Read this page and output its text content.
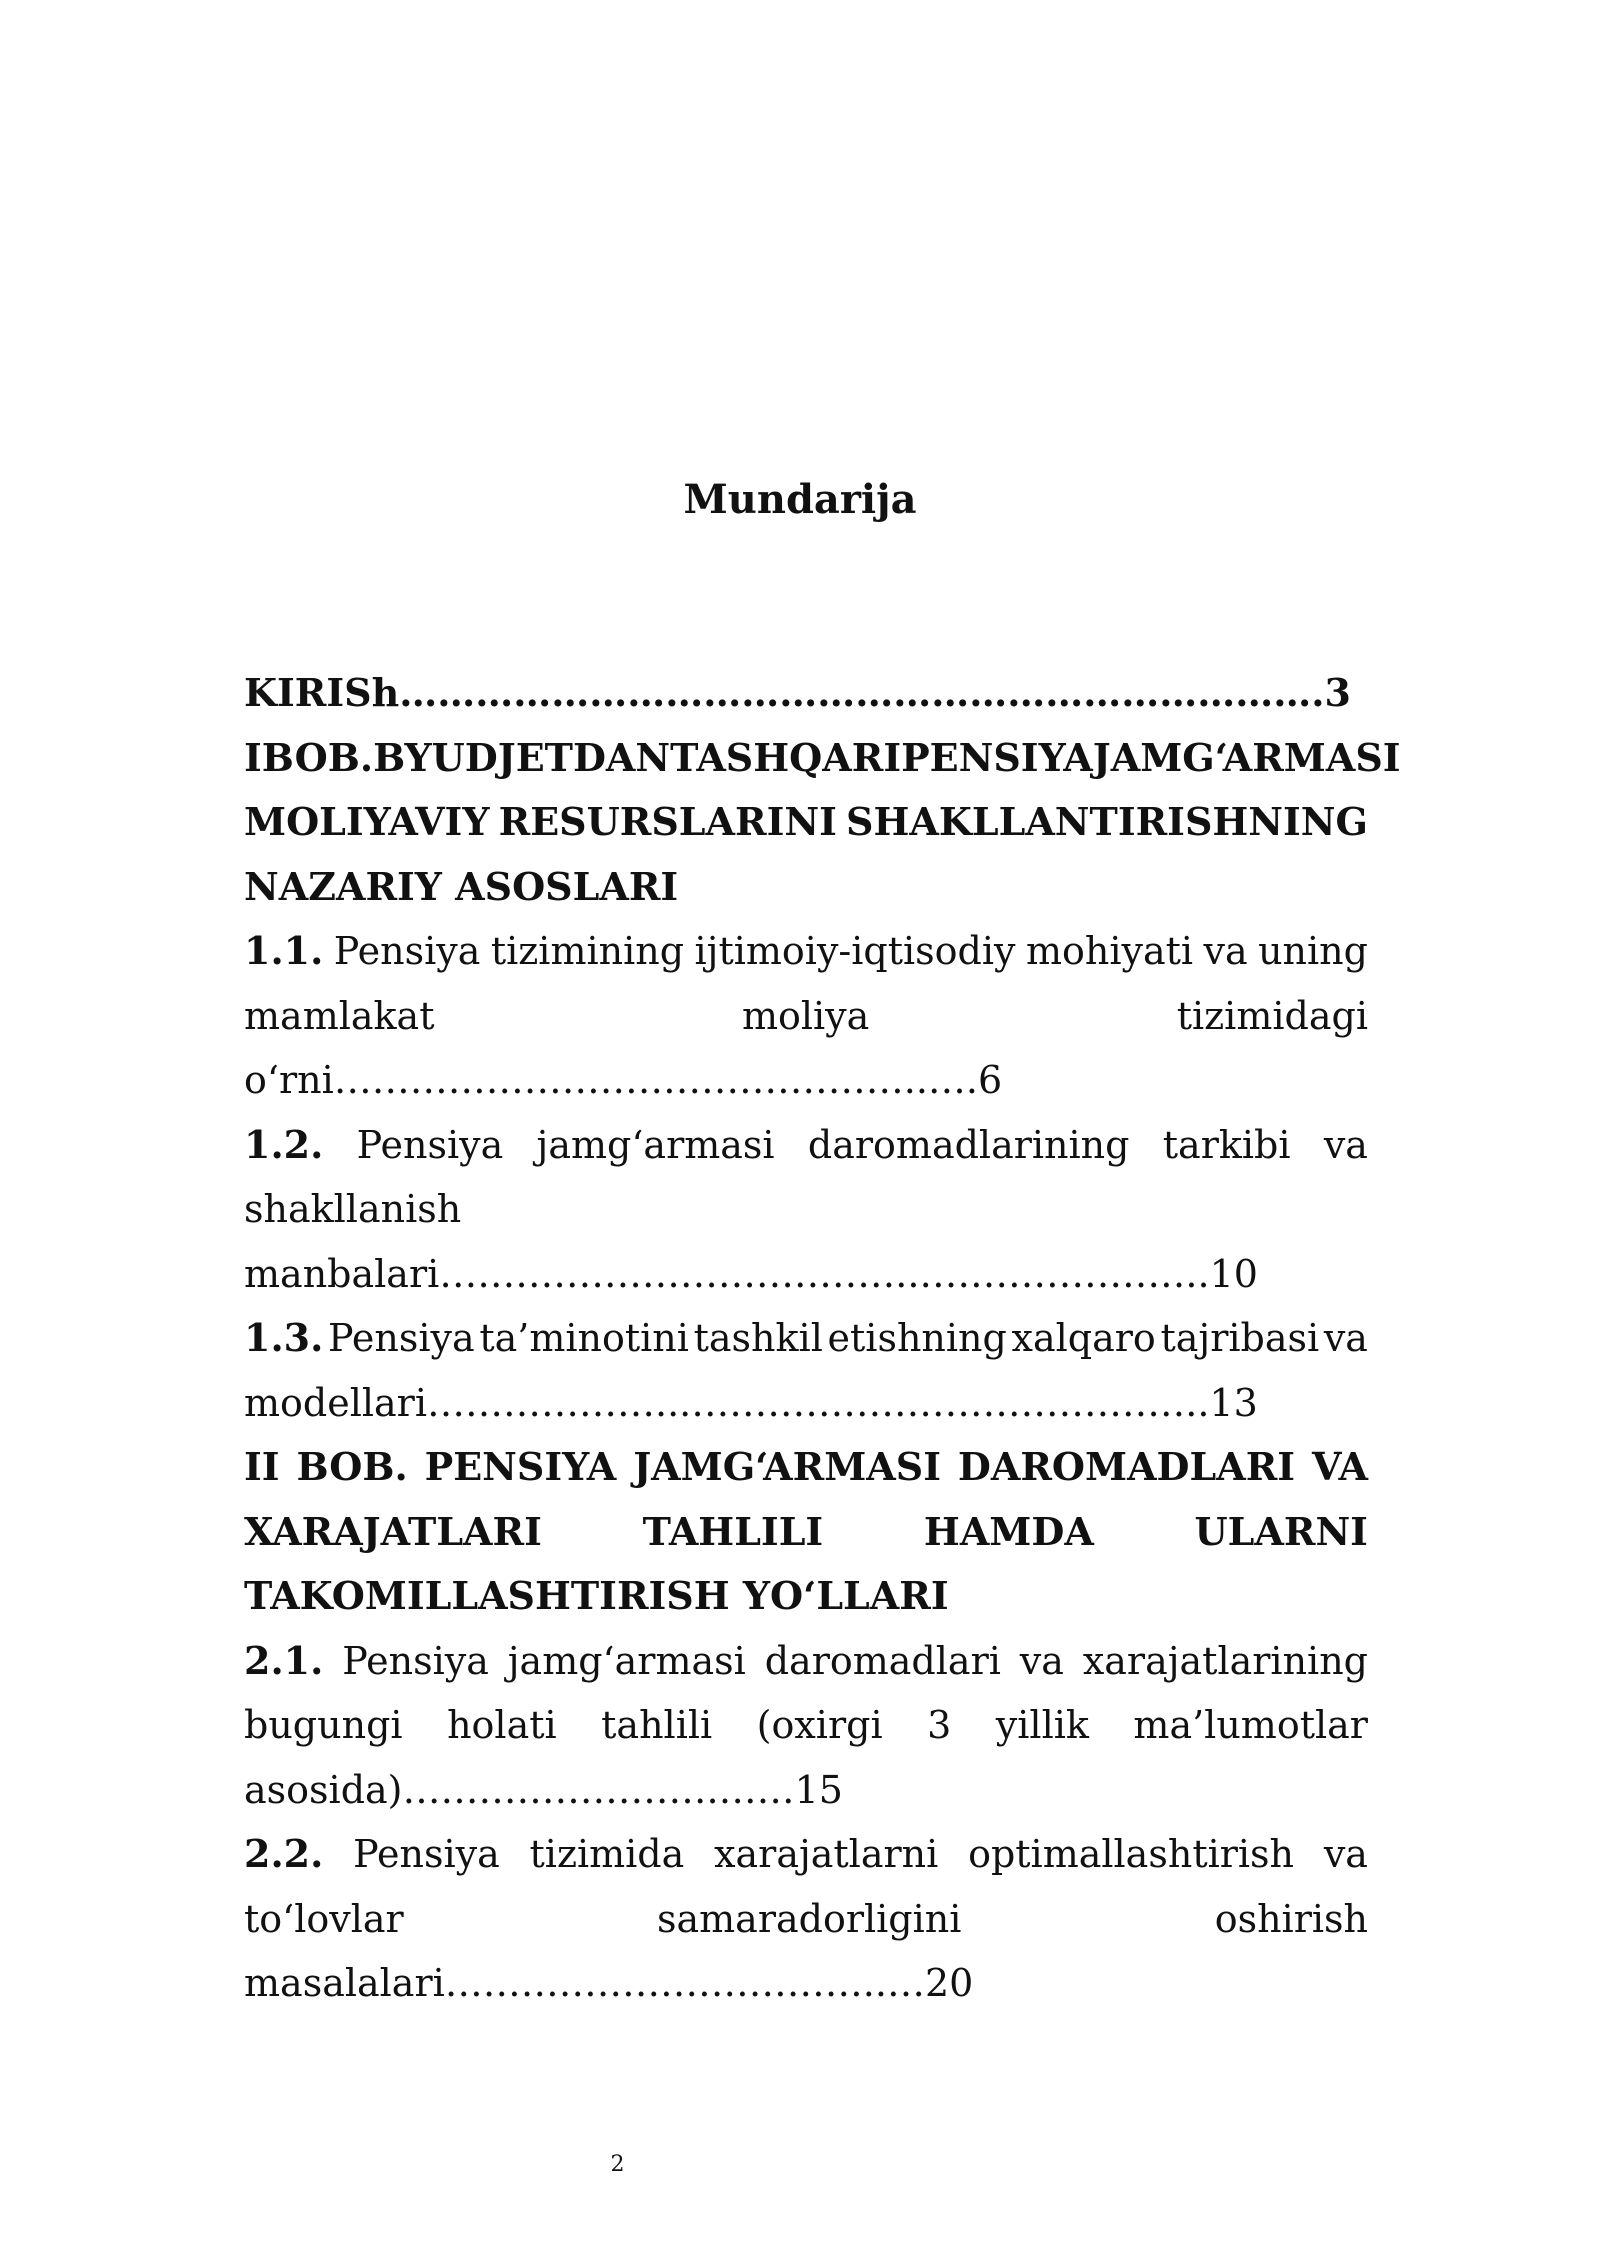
Mundarija
KIRISh……………………………………………………………….3
I BOB. BYUDJETDAN TASHQARI PENSIYA JAMG‘ARMASI
MOLIYAVIY RESURSLARINI SHAKLLANTIRISHNING
NAZARIY ASOSLARI
1.1. Pensiya tizimining ijtimoiy-iqtisodiy mohiyati va uning
mamlakat	moliya	tizimidagi
o‘rni………………………………………..….6
1.2. Pensiya jamg‘armasi daromadlarining tarkibi va
shakllanish
manbalari………………………………..…………………..10
1.3. Pensiya ta’minotini tashkil etishning xalqaro tajribasi va
modellari………………...…………………………………..13
II BOB. PENSIYA JAMG‘ARMASI DAROMADLARI VA
XARAJATLARI	TAHLILI	HAMDA	ULARNI
TAKOMILLASHTIRISH YO‘LLARI
2.1. Pensiya jamg‘armasi daromadlari va xarajatlarining
bugungi holati tahlili (oxirgi 3 yillik ma’lumotlar
asosida)…………………….……15
2.2. Pensiya tizimida xarajatlarni optimallashtirish va
to‘lovlar	samaradorligini	oshirish
masalalari……………………………..…20
2
